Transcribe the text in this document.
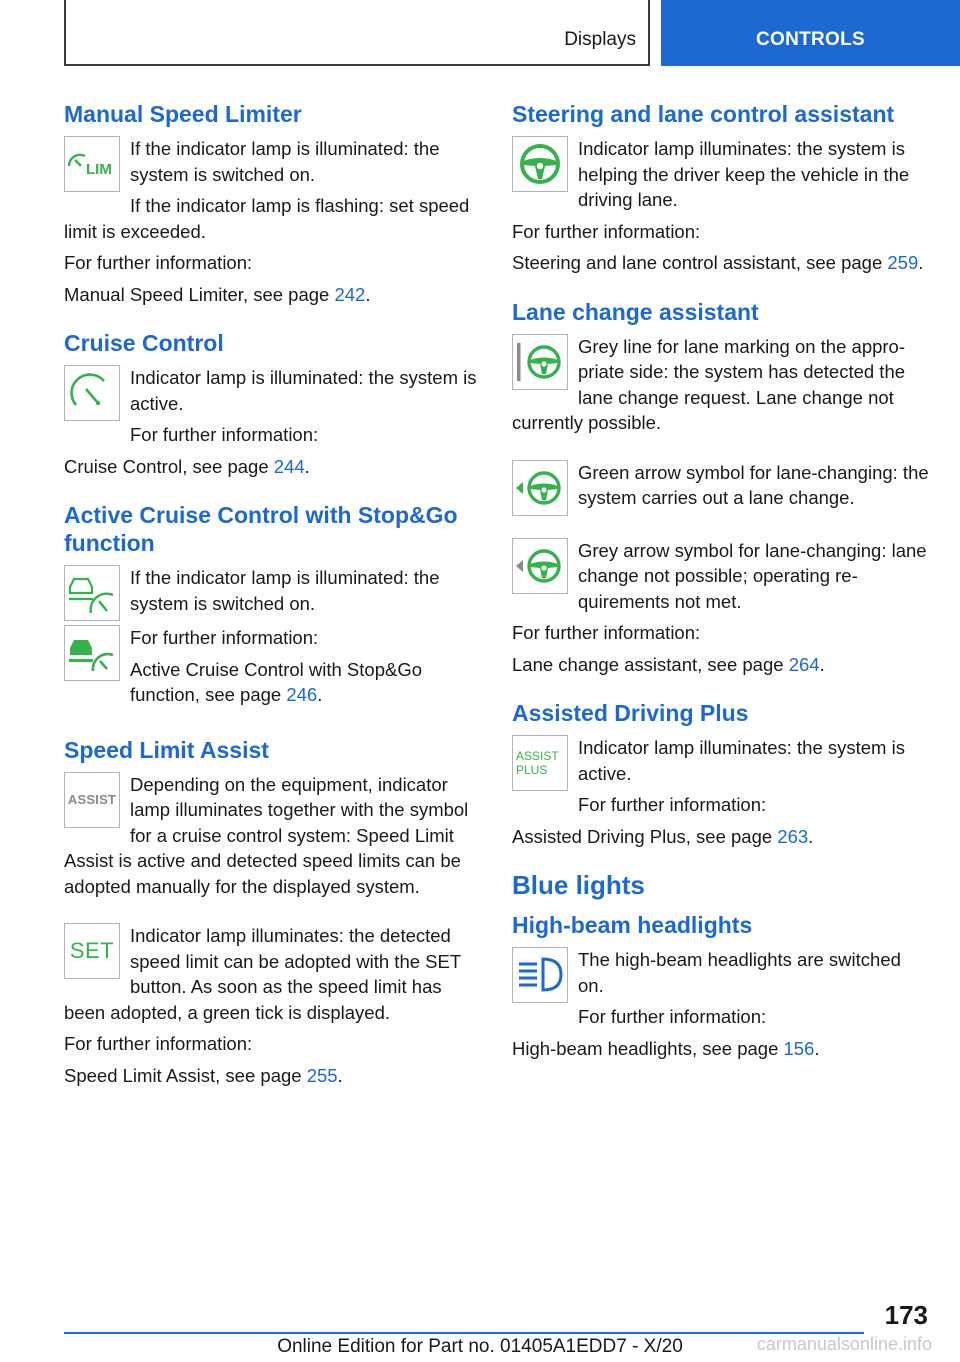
Displays	CONTROLS
Manual Speed Limiter
LIM
If the indicator lamp is illuminated: the system is switched on.
If the indicator lamp is flashing: set speed limit is exceeded.
For further information:
Manual Speed Limiter, see page 242.
Cruise Control
Indicator lamp is illuminated: the system is active.
For further information:
Cruise Control, see page 244.
Active Cruise Control with Stop&Go function
If the indicator lamp is illuminated: the system is switched on.
For further information:
Active Cruise Control with Stop&Go function, see page 246.
Speed Limit Assist
ASSIST
Depending on the equipment, indicator lamp illuminates together with the symbol for a cruise control system: Speed Limit Assist is active and detected speed limits can be adopted manually for the displayed system.
SET
Indicator lamp illuminates: the detected speed limit can be adopted with the SET button. As soon as the speed limit has been adopted, a green tick is displayed.
For further information:
Speed Limit Assist, see page 255.
Steering and lane control assistant
Indicator lamp illuminates: the system is helping the driver keep the vehicle in the driving lane.
For further information:
Steering and lane control assistant, see page 259.
Lane change assistant
Grey line for lane marking on the appropriate side: the system has detected the lane change request. Lane change not currently possible.
Green arrow symbol for lane-changing: the system carries out a lane change.
Grey arrow symbol for lane-changing: lane change not possible; operating requirements not met.
For further information:
Lane change assistant, see page 264.
Assisted Driving Plus
ASSIST
PLUS
Indicator lamp illuminates: the system is active.
For further information:
Assisted Driving Plus, see page 263.
Blue lights
High-beam headlights
The high-beam headlights are switched on.
For further information:
High-beam headlights, see page 156.
173
Online Edition for Part no. 01405A1EDD7 - X/20	carmanualsonline.info
